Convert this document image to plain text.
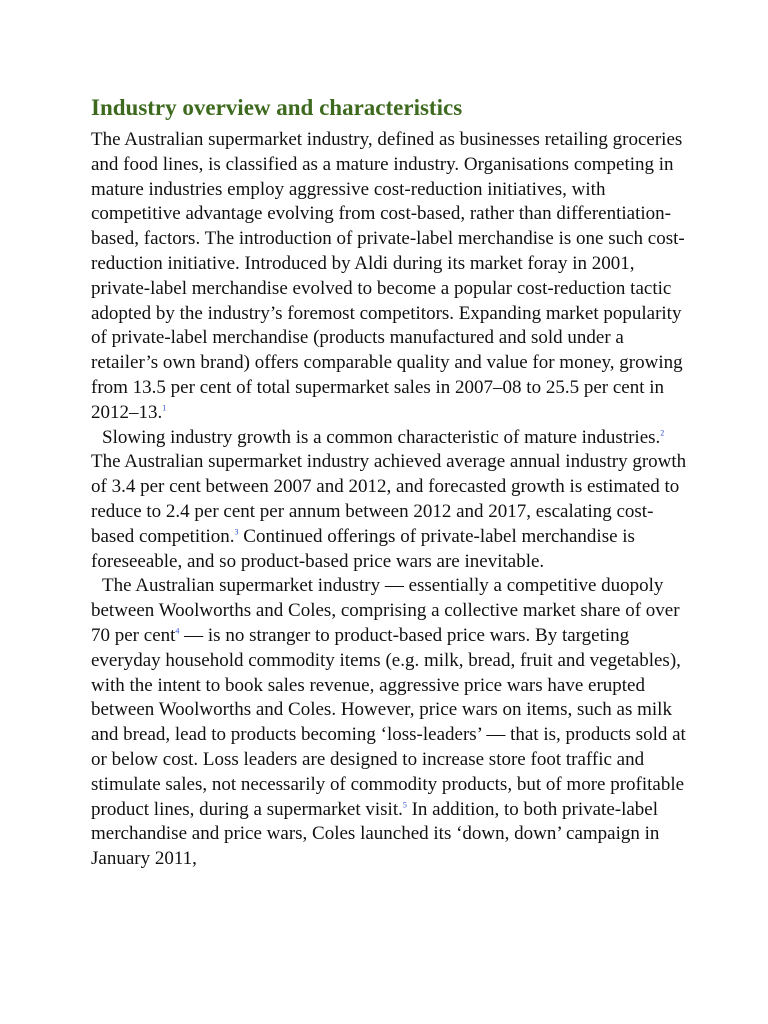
Industry overview and characteristics

The Australian supermarket industry, defined as businesses retailing groceries and food lines, is classified as a mature industry. Organisations competing in mature industries employ aggressive cost-reduction initiatives, with competitive advantage evolving from cost-based, rather than differentiation-based, factors. The introduction of private-label merchandise is one such cost-reduction initiative. Introduced by Aldi during its market foray in 2001, private-label merchandise evolved to become a popular cost-reduction tactic adopted by the industry’s foremost competitors. Expanding market popularity of private-label merchandise (products manufactured and sold under a retailer’s own brand) offers comparable quality and value for money, growing from 13.5 per cent of total supermarket sales in 2007–08 to 25.5 per cent in 2012–13.$^1$

Slowing industry growth is a common characteristic of mature industries.$^2$ The Australian supermarket industry achieved average annual industry growth of 3.4 per cent between 2007 and 2012, and forecasted growth is estimated to reduce to 2.4 per cent per annum between 2012 and 2017, escalating cost-based competition.$^3$ Continued offerings of private-label merchandise is foreseeable, and so product-based price wars are inevitable.

The Australian supermarket industry — essentially a competitive duopoly between Woolworths and Coles, comprising a collective market share of over 70 per cent$^4$ — is no stranger to product-based price wars. By targeting everyday household commodity items (e.g. milk, bread, fruit and vegetables), with the intent to book sales revenue, aggressive price wars have erupted between Woolworths and Coles. However, price wars on items, such as milk and bread, lead to products becoming ‘loss-leaders’ — that is, products sold at or below cost. Loss leaders are designed to increase store foot traffic and stimulate sales, not necessarily of commodity products, but of more profitable product lines, during a supermarket visit.$^5$ In addition, to both private-label merchandise and price wars, Coles launched its ‘down, down’ campaign in January 2011,
